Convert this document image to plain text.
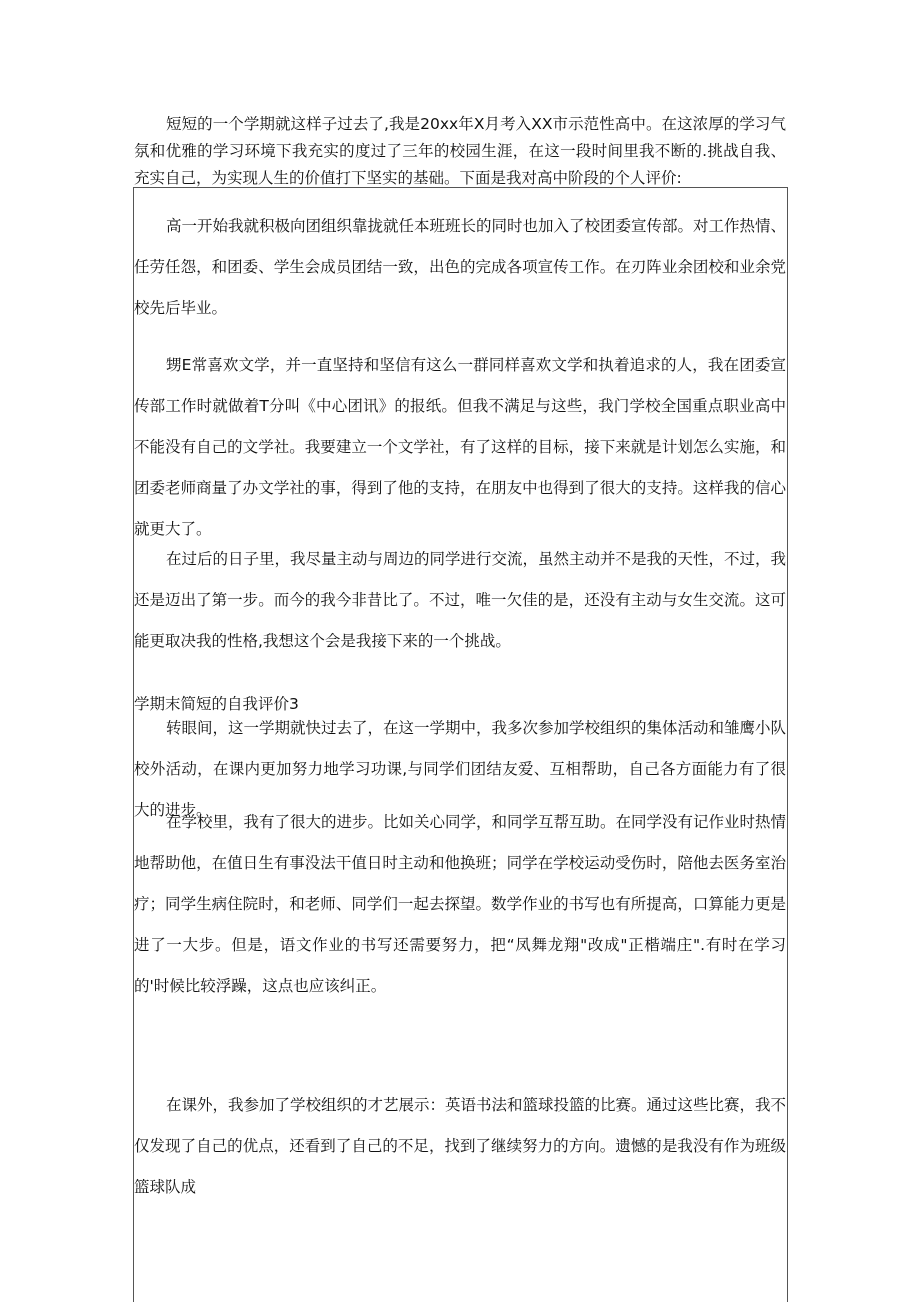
短短的一个学期就这样子过去了,我是20xx年X月考入XX市示范性高中。在这浓厚的学习气氛和优雅的学习环境下我充实的度过了三年的校园生涯，在这一段时间里我不断的.挑战自我、充实自己，为实现人生的价值打下坚实的基础。下面是我对高中阶段的个人评价:

高一开始我就积极向团组织靠拢就任本班班长的同时也加入了校团委宣传部。对工作热情、任劳任怨，和团委、学生会成员团结一致，出色的完成各项宣传工作。在刃阵业余团校和业余党校先后毕业。

甥E常喜欢文学，并一直坚持和坚信有这么一群同样喜欢文学和执着追求的人，我在团委宣传部工作时就做着T分叫《中心团讯》的报纸。但我不满足与这些，我门学校全国重点职业高中不能没有自己的文学社。我要建立一个文学社，有了这样的目标，接下来就是计划怎么实施，和团委老师商量了办文学社的事，得到了他的支持，在朋友中也得到了很大的支持。这样我的信心就更大了。

在过后的日子里，我尽量主动与周边的同学进行交流，虽然主动并不是我的天性，不过，我还是迈出了第一步。而今的我今非昔比了。不过，唯一欠佳的是，还没有主动与女生交流。这可能更取决我的性格,我想这个会是我接下来的一个挑战。

学期末简短的自我评价3

转眼间，这一学期就快过去了，在这一学期中，我多次参加学校组织的集体活动和雏鹰小队校外活动，在课内更加努力地学习功课,与同学们团结友爱、互相帮助，自己各方面能力有了很大的进步。

在学校里，我有了很大的进步。比如关心同学，和同学互帮互助。在同学没有记作业时热情地帮助他，在值日生有事没法干值日时主动和他换班；同学在学校运动受伤时，陪他去医务室治疗；同学生病住院时，和老师、同学们一起去探望。数学作业的书写也有所提高，口算能力更是进了一大步。但是，语文作业的书写还需要努力，把“凤舞龙翔"改成"正楷端庄".有时在学习的'时候比较浮躁，这点也应该纠正。

在课外，我参加了学校组织的才艺展示：英语书法和篮球投篮的比赛。通过这些比赛，我不仅发现了自己的优点，还看到了自己的不足，找到了继续努力的方向。遗憾的是我没有作为班级篮球队成
